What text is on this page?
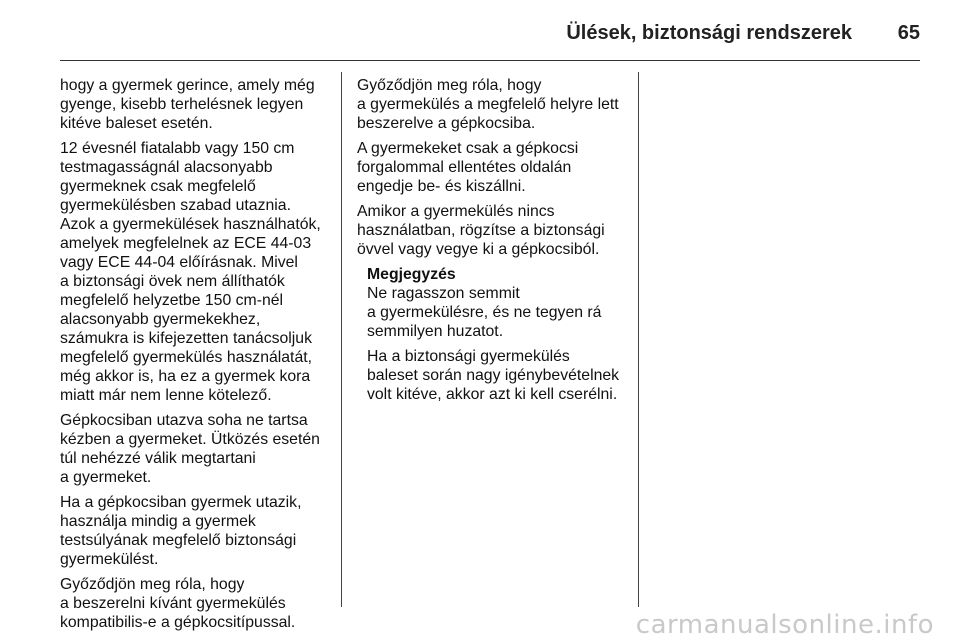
Ülések, biztonsági rendszerek 65

hogy a gyermek gerince, amely még
gyenge, kisebb terhelésnek legyen
kitéve baleset esetén.

12 évesnél fiatalabb vagy 150 cm
testmagasságnál alacsonyabb
gyermeknek csak megfelelő
gyermekülésben szabad utaznia.
Azok a gyermekülések használhatók,
amelyek megfelelnek az ECE 44-03
vagy ECE 44-04 előírásnak. Mivel
a biztonsági övek nem állíthatók
megfelelő helyzetbe 150 cm-nél
alacsonyabb gyermekekhez,
számukra is kifejezetten tanácsoljuk
megfelelő gyermekülés használatát,
még akkor is, ha ez a gyermek kora
miatt már nem lenne kötelező.

Gépkocsiban utazva soha ne tartsa
kézben a gyermeket. Ütközés esetén
túl nehézzé válik megtartani
a gyermeket.

Ha a gépkocsiban gyermek utazik,
használja mindig a gyermek
testsúlyának megfelelő biztonsági
gyermekülést.

Győződjön meg róla, hogy
a beszerelni kívánt gyermekülés
kompatibilis-e a gépkocsitípussal.

Győződjön meg róla, hogy
a gyermekülés a megfelelő helyre lett
beszerelve a gépkocsiba.

A gyermekeket csak a gépkocsi
forgalommal ellentétes oldalán
engedje be- és kiszállni.

Amikor a gyermekülés nincs
használatban, rögzítse a biztonsági
övvel vagy vegye ki a gépkocsiból.

Megjegyzés

Ne ragasszon semmit
a gyermekülésre, és ne tegyen rá
semmilyen huzatot.

Ha a biztonsági gyermekülés
baleset során nagy igénybevételnek
volt kitéve, akkor azt ki kell cserélni.

carmanualsonline.info
